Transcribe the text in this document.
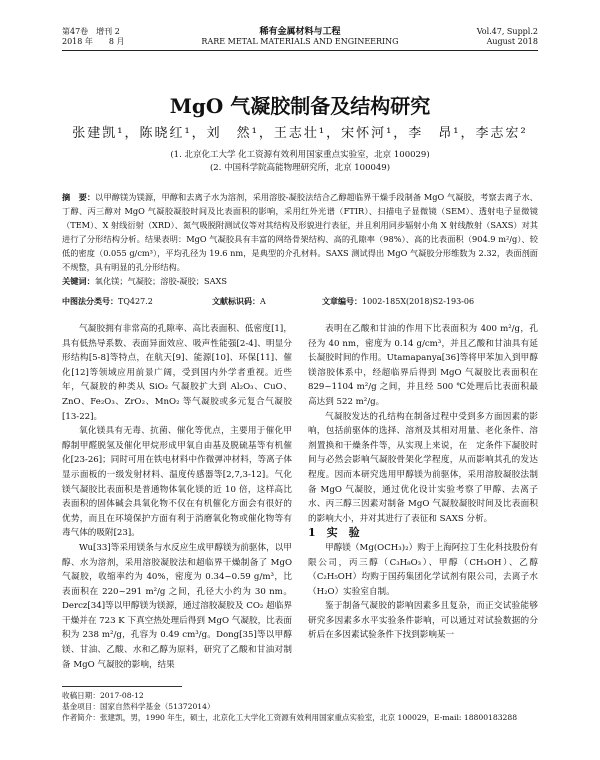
第47卷　增刊 2
2018 年　　8 月
稀有金属材料与工程
RARE METAL MATERIALS AND ENGINEERING
Vol.47, Suppl.2
August 2018
MgO 气凝胶制备及结构研究
张建凯¹，陈晓红¹，刘　然¹，王志壮¹，宋怀河¹，李　昂¹，李志宏²
(1. 北京化工大学 化工资源有效利用国家重点实验室，北京 100029)
(2. 中国科学院高能物理研究所，北京 100049)
摘　要：以甲醇镁为镁源，甲醇和去离子水为溶剂，采用溶胶-凝胶法结合乙醇超临界干燥手段制备 MgO 气凝胶，考察去离子水、丁醇、丙三醇对 MgO 气凝胶凝胶时间及比表面积的影响，采用红外光谱（FTIR）、扫描电子显微镜（SEM）、透射电子显微镜（TEM）、X 射线衍射（XRD）、氮气吸脱附测试仪等对其结构及形貌进行表征，并且利用同步辐射小角 X 射线散射（SAXS）对其进行了分形结构分析。结果表明：MgO 气凝胶具有丰富的网络骨架结构、高的孔隙率（98%）、高的比表面积（904.9 m²/g）、较低的密度（0.055 g/cm³），平均孔径为 19.6 nm，是典型的介孔材料。SAXS 测试得出 MgO 气凝胶分形维数为 2.32，表面剖面不规整，具有明显的孔分形结构。
关键词：氧化镁；气凝胶；溶胶-凝胶；SAXS
中图法分类号：TQ427.2	文献标识码：A	文章编号：1002-185X(2018)S2-193-06

气凝胶拥有非常高的孔隙率、高比表面积、低密度[1]，具有低热导系数、表面异面效应、吸声性能强[2-4]、明显分形结构[5-8]等特点，在航天[9]、能源[10]、环保[11]、催化[12]等领域应用前景广阔，受到国内外学者重视。近些年，气凝胶的种类从 SiO₂ 气凝胶扩大到 Al₂O₃、CuO、ZnO、Fe₂O₃、ZrO₂、MnO₂ 等气凝胶或多元复合气凝胶[13-22]。

氧化镁具有无毒、抗菌、催化等优点，主要用于催化甲醇制甲醛脱氢及催化甲烷形成甲氧自由基及脱硫基等有机催化[23-26]；同时可用在铁电材料中作微弹冲材料，等离子体显示面板的一级发射材料、温度传感器等[2,7,3-12]。气化镁气凝胶比表面积是普通物体氧化镁的近 10 倍，这样高比表面积的固体碱会具氧化物不仅在有机催化方面会有很好的优势，而且在环境保护方面有利于消磨氧化物或催化物等有毒气体的吸附[23]。

Wu[33]等采用镁条与水反应生成甲醇镁为前驱体，以甲醇、水为溶剂，采用溶胶凝胶法和超临界干燥制备了 MgO 气凝胶，收缩率约为 40%，密度为 0.34~0.59 g/m³，比表面积在 220~291 m²/g 之间，孔径大小约为 30 nm。Dercz[34]等以甲醇镁为镁源，通过溶胶凝胶及 CO₂ 超临界干燥并在 723 K 下真空热处理后得到 MgO 气凝胶，比表面积为 238 m²/g，孔容为 0.49 cm³/g。Dong[35]等以甲醇镁、甘油、乙酸、水和乙醇为原料，研究了乙酸和甘油对制备 MgO 气凝胶的影响，结果

表明在乙酸和甘油的作用下比表面积为 400 m²/g，孔径为 40 nm，密度为 0.14 g/cm³，并且乙酸和甘油具有延长凝胶时间的作用。Utamapanya[36]等将甲苯加入到甲醇镁溶胶体系中，经超临界后得到 MgO 气凝胶比表面积在 829~1104 m²/g 之间，并且经 500 ℃处理后比表面积最高达到 522 m²/g。

气凝胶发达的孔结构在制备过程中受到多方面因素的影响，包括前驱体的选择、溶剂及其相对用量、老化条件、溶剂置换和干燥条件等，从实现上来说，在　定条件下凝胶时间与必然会影响气凝胶骨架化学程度，从而影响其孔的发达程度。因而本研究选用甲醇镁为前驱体，采用溶胶凝胶法制备 MgO 气凝胶，通过优化设计实验考察了甲醇、去离子水、丙三醇三因素对制备 MgO 气凝胶凝胶时间及比表面积的影响大小，并对其进行了表征和 SAXS 分析。

1　实　验

甲醇镁（Mg(OCH₃)₂）购于上海阿拉丁生化科技股份有限公司，丙三醇（C₃H₈O₃）、甲醇（CH₃OH）、乙醇（C₂H₅OH）均购于国药集团化学试剂有限公司，去离子水（H₂O）实验室自制。

鉴于制备气凝胶的影响因素多且复杂，而正交试验能够研究多因素多水平实验条件影响，可以通过对试验数据的分析后在多因素试验条件下找到影响某一

收稿日期：2017-08-12
基金项目：国家自然科学基金（51372014）
作者简介：张建凯，男，1990 年生，硕士，北京化工大学化工资源有效利用国家重点实验室，北京 100029，E-mail: 18800183288
